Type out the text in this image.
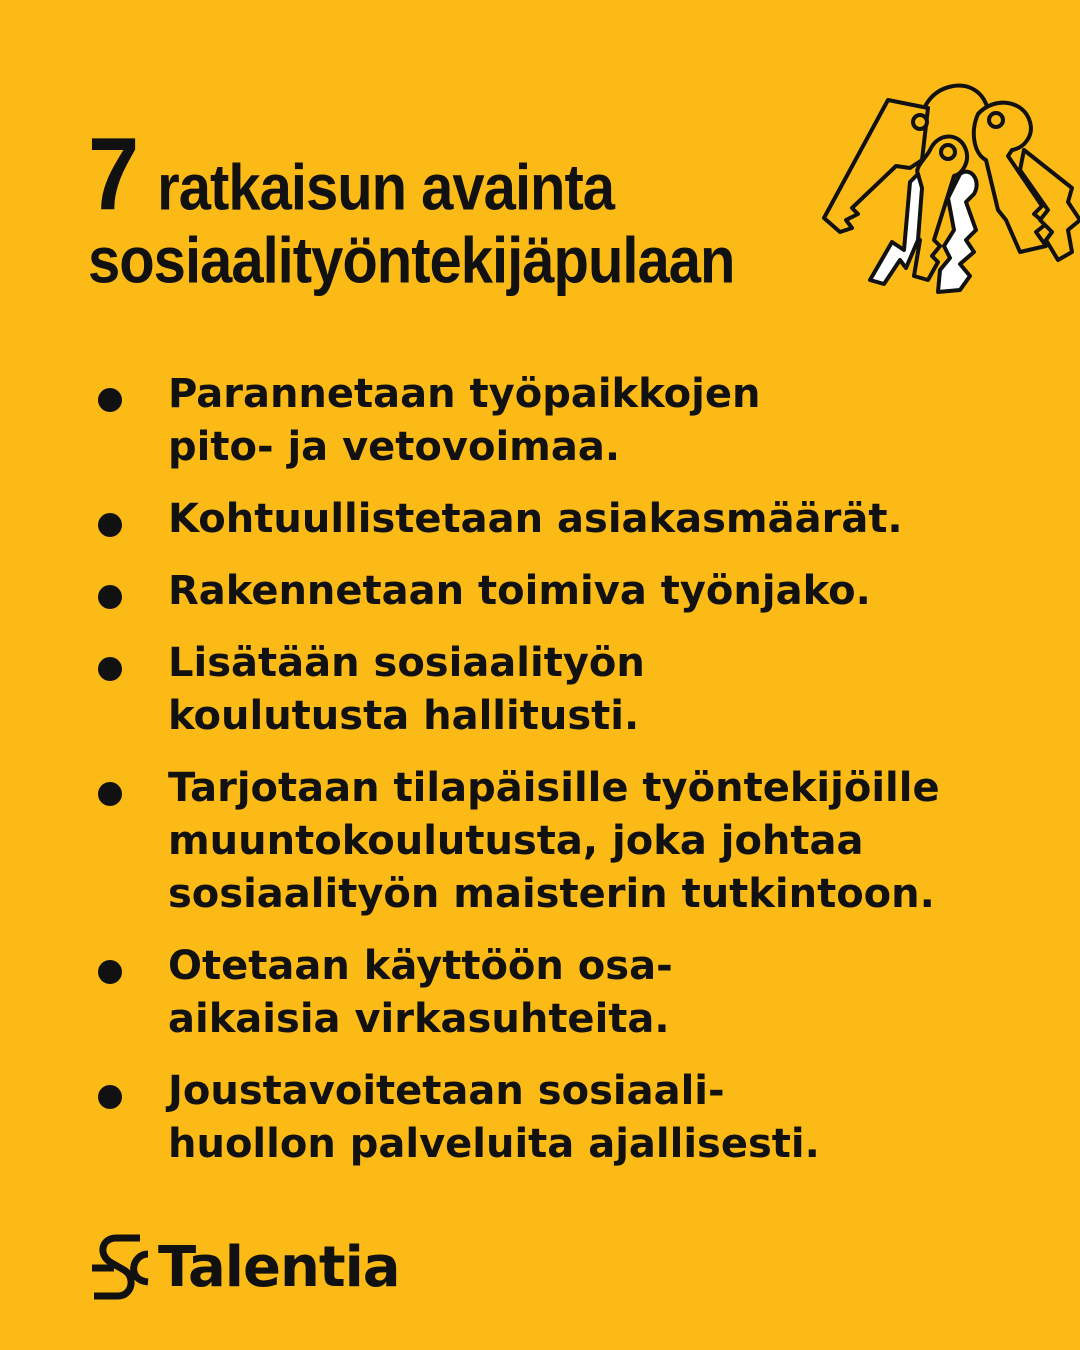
7 ratkaisun avainta
sosiaalityöntekijäpulaan
Parannetaan työpaikkojen
pito- ja vetovoimaa.
Kohtuullistetaan asiakasmäärät.
Rakennetaan toimiva työnjako.
Lisätään sosiaalityön
koulutusta hallitusti.
Tarjotaan tilapäisille työntekijöille
muuntokoulutusta, joka johtaa
sosiaalityön maisterin tutkintoon.
Otetaan käyttöön osa-
aikaisia virkasuhteita.
Joustavoitetaan sosiaali-
huollon palveluita ajallisesti.
Talentia
